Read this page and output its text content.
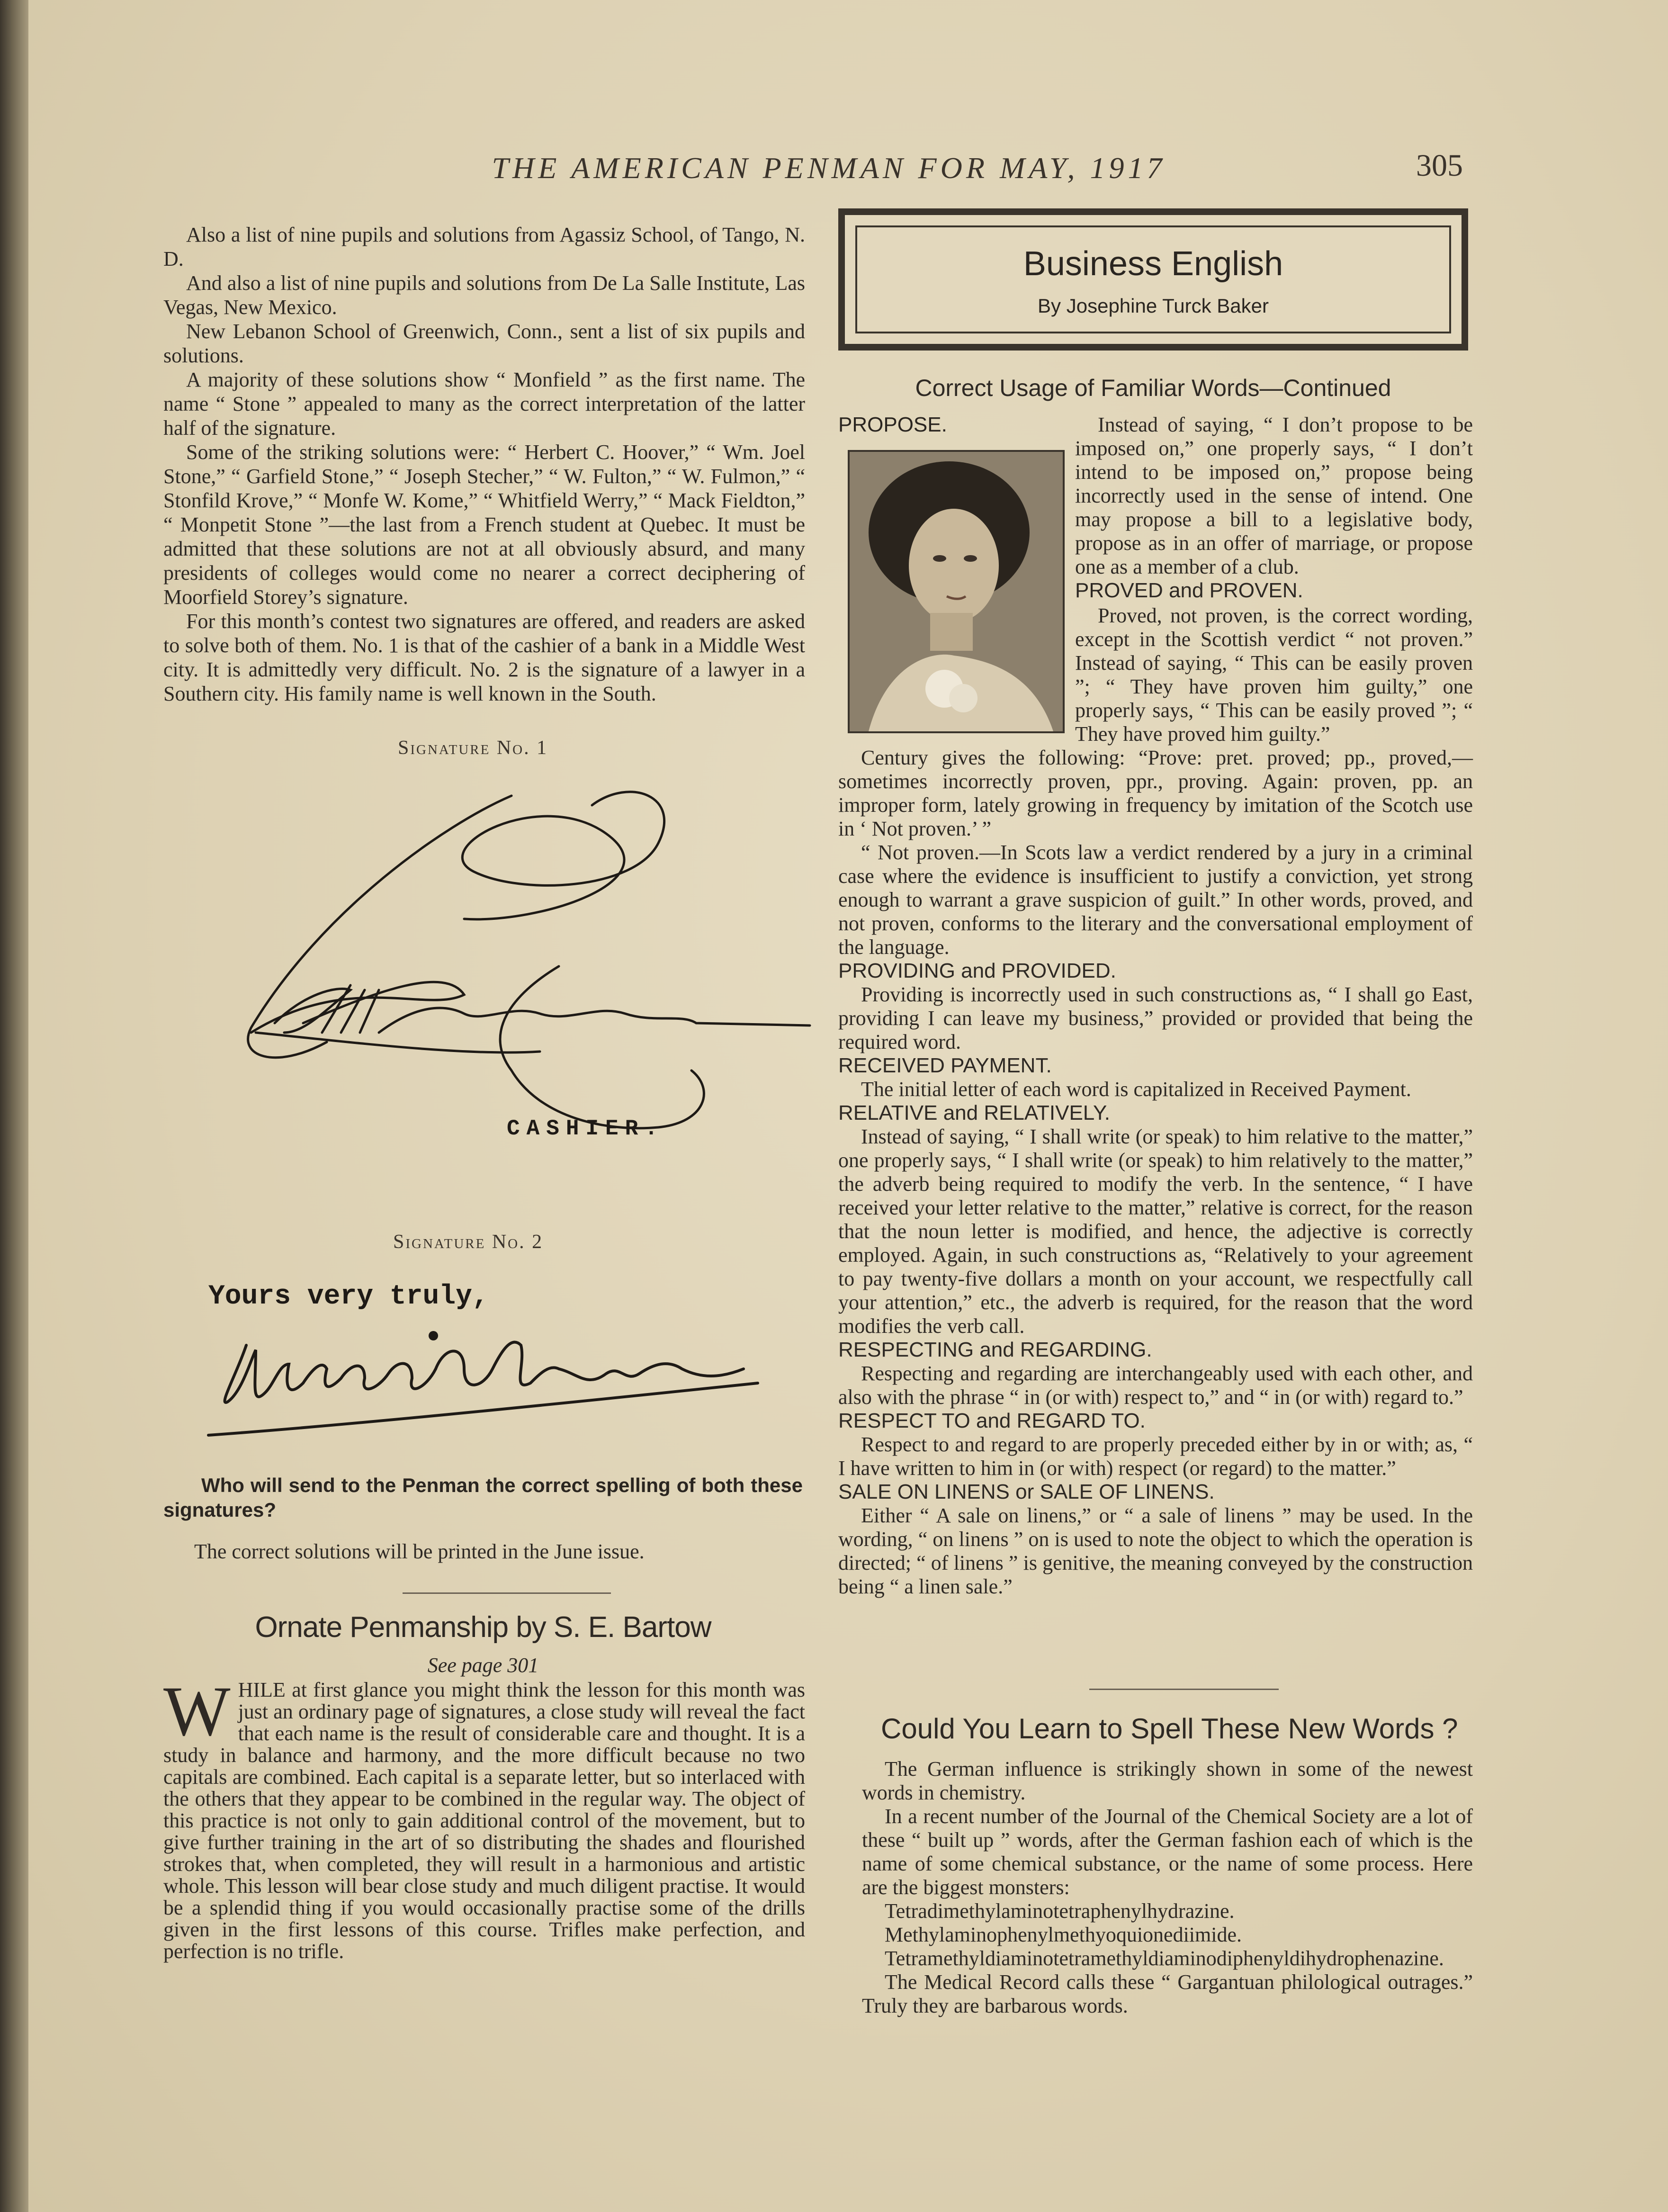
THE AMERICAN PENMAN FOR MAY, 1917	305

Also a list of nine pupils and solutions from Agassiz School, of Tango, N. D.

And also a list of nine pupils and solutions from De La Salle Institute, Las Vegas, New Mexico.

New Lebanon School of Greenwich, Conn., sent a list of six pupils and solutions.

A majority of these solutions show “ Monfield ” as the first name. The name “ Stone ” appealed to many as the correct interpretation of the latter half of the signature.

Some of the striking solutions were: “ Herbert C. Hoover,” “ Wm. Joel Stone,” “ Garfield Stone,” “ Joseph Stecher,” “ W. Fulton,” “ W. Fulmon,” “ Stonfild Krove,” “ Monfe W. Kome,” “ Whitfield Werry,” “ Mack Fieldton,” “ Monpetit Stone ”—the last from a French student at Quebec. It must be admitted that these solutions are not at all obviously absurd, and many presidents of colleges would come no nearer a correct deciphering of Moorfield Storey’s signature.

For this month’s contest two signatures are offered, and readers are asked to solve both of them. No. 1 is that of the cashier of a bank in a Middle West city. It is admittedly very difficult. No. 2 is the signature of a lawyer in a Southern city. His family name is well known in the South.

Signature No. 1
CASHIER.
Signature No. 2
Yours very truly,
Who will send to the Penman the correct spelling of both these signatures?
The correct solutions will be printed in the June issue.
Ornate Penmanship by S. E. Bartow
See page 301
W HILE at first glance you might think the lesson for this month was just an ordinary page of signatures, a close study will reveal the fact that each name is the result of considerable care and thought. It is a study in balance and harmony, and the more difficult because no two capitals are combined. Each capital is a separate letter, but so interlaced with the others that they appear to be combined in the regular way. The object of this practice is not only to gain additional control of the movement, but to give further training in the art of so distributing the shades and flourished strokes that, when completed, they will result in a harmonious and artistic whole. This lesson will bear close study and much diligent practise. It would be a splendid thing if you would occasionally practise some of the drills given in the first lessons of this course. Trifles make perfection, and perfection is no trifle.
Business English
By Josephine Turck Baker
Correct Usage of Familiar Words—Continued
PROPOSE.	Instead of saying, “ I don’t propose to be imposed on,” one properly says, “ I don’t intend to be imposed on,” propose being incorrectly used in the sense of intend. One may propose a bill to a legislative body, propose as in an offer of marriage, or propose one as a member of a club.

PROVED and PROVEN.

Proved, not proven, is the correct wording, except in the Scottish verdict “ not proven.” Instead of saying, “ This can be easily proven ”; “ They have proven him guilty,” one properly says, “ This can be easily proved ”; “ They have proved him guilty.”

Century gives the following: “Prove: pret. proved; pp., proved,—sometimes incorrectly proven, ppr., proving. Again: proven, pp. an improper form, lately growing in frequency by imitation of the Scotch use in ‘ Not proven.’ ”

“ Not proven.—In Scots law a verdict rendered by a jury in a criminal case where the evidence is insufficient to justify a conviction, yet strong enough to warrant a grave suspicion of guilt.” In other words, proved, and not proven, conforms to the literary and the conversational employment of the language.

PROVIDING and PROVIDED.

Providing is incorrectly used in such constructions as, “ I shall go East, providing I can leave my business,” provided or provided that being the required word.

RECEIVED PAYMENT.

The initial letter of each word is capitalized in Received Payment.

RELATIVE and RELATIVELY.

Instead of saying, “ I shall write (or speak) to him relative to the matter,” one properly says, “ I shall write (or speak) to him relatively to the matter,” the adverb being required to modify the verb. In the sentence, “ I have received your letter relative to the matter,” relative is correct, for the reason that the noun letter is modified, and hence, the adjective is correctly employed. Again, in such constructions as, “Relatively to your agreement to pay twenty-five dollars a month on your account, we respectfully call your attention,” etc., the adverb is required, for the reason that the word modifies the verb call.

RESPECTING and REGARDING.

Respecting and regarding are interchangeably used with each other, and also with the phrase “ in (or with) respect to,” and “ in (or with) regard to.”

RESPECT TO and REGARD TO.

Respect to and regard to are properly preceded either by in or with; as, “ I have written to him in (or with) respect (or regard) to the matter.”

SALE ON LINENS or SALE OF LINENS.

Either “ A sale on linens,” or “ a sale of linens ” may be used. In the wording, “ on linens ” on is used to note the object to which the operation is directed; “ of linens ” is genitive, the meaning conveyed by the construction being “ a linen sale.”

Could You Learn to Spell These New Words ?

The German influence is strikingly shown in some of the newest words in chemistry.

In a recent number of the Journal of the Chemical Society are a lot of these “ built up ” words, after the German fashion each of which is the name of some chemical substance, or the name of some process. Here are the biggest monsters:

Tetradimethylaminotetraphenylhydrazine.

Methylaminophenylmethyoquionediimide.

Tetramethyldiaminotetramethyldiaminodiphenyldihydrophenazine.

The Medical Record calls these “ Gargantuan philological outrages.” Truly they are barbarous words.
